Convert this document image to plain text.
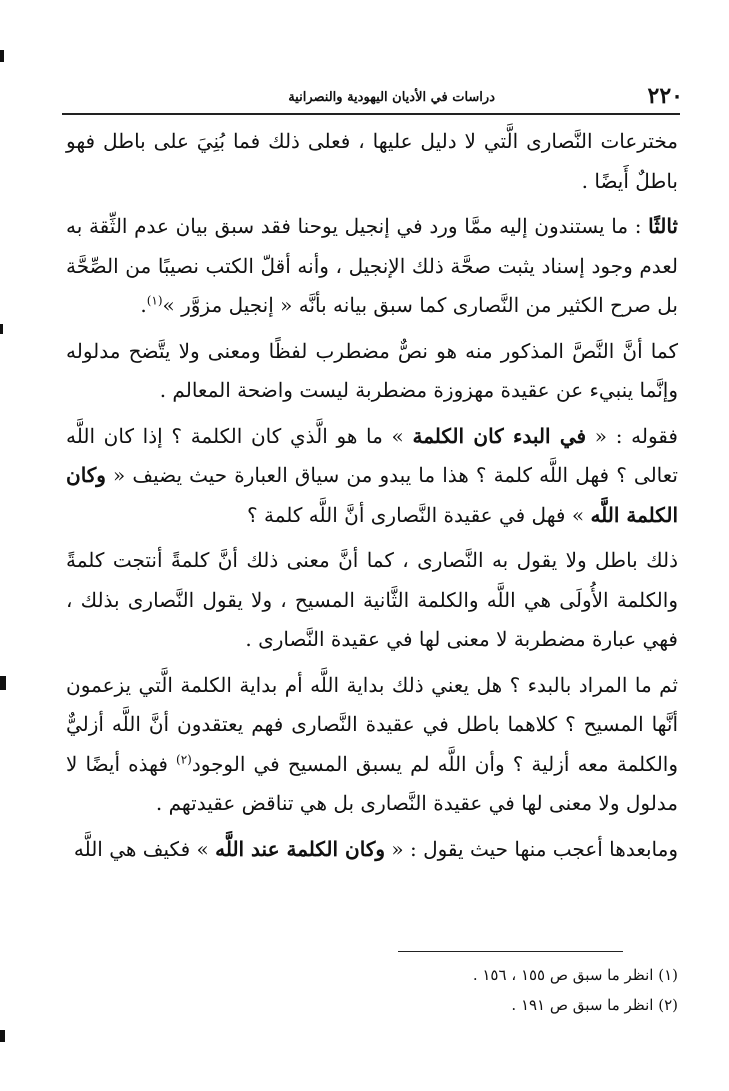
٢٢٠
دراسات في الأديان اليهودية والنصرانية

مخترعات النَّصارى الَّتي لا دليل عليها ، فعلى ذلك فما بُنِيَ على باطل فهو باطلٌ أَيضًا .

ثالثًا : ما يستندون إليه ممَّا ورد في إنجيل يوحنا فقد سبق بيان عدم الثِّقة به لعدم وجود إسناد يثبت صحَّة ذلك الإنجيل ، وأنه أقلّ الكتب نصيبًا من الصِّحَّة بل صرح الكثير من النَّصارى كما سبق بيانه بأنَّه « إنجيل مزوَّر »$^{(١)}$.

كما أنَّ النَّصَّ المذكور منه هو نصٌّ مضطرب لفظًا ومعنى ولا يتَّضح مدلوله وإنَّما ينبيء عن عقيدة مهزوزة مضطربة ليست واضحة المعالم .

فقوله : « في البدء كان الكلمة » ما هو الَّذي كان الكلمة ؟ إذا كان اللَّه تعالى ؟ فهل اللَّه كلمة ؟ هذا ما يبدو من سياق العبارة حيث يضيف « وكان الكلمة اللَّه » فهل في عقيدة النَّصارى أنَّ اللَّه كلمة ؟

ذلك باطل ولا يقول به النَّصارى ، كما أنَّ معنى ذلك أنَّ كلمةً أنتجت كلمةً والكلمة الأُولَى هي اللَّه والكلمة الثَّانية المسيح ، ولا يقول النَّصارى بذلك ، فهي عبارة مضطربة لا معنى لها في عقيدة النَّصارى .

ثم ما المراد بالبدء ؟ هل يعني ذلك بداية اللَّه أم بداية الكلمة الَّتي يزعمون أنَّها المسيح ؟ كلاهما باطل في عقيدة النَّصارى فهم يعتقدون أنَّ اللَّه أزليٌّ والكلمة معه أزلية ؟ وأن اللَّه لم يسبق المسيح في الوجود$^{(٢)}$ فهذه أيضًا لا مدلول ولا معنى لها في عقيدة النَّصارى بل هي تناقض عقيدتهم .

ومابعدها أعجب منها حيث يقول : « وكان الكلمة عند اللَّه » فكيف هي اللَّه

(١) انظر ما سبق ص ١٥٥ ، ١٥٦ .

(٢) انظر ما سبق ص ١٩١ .
